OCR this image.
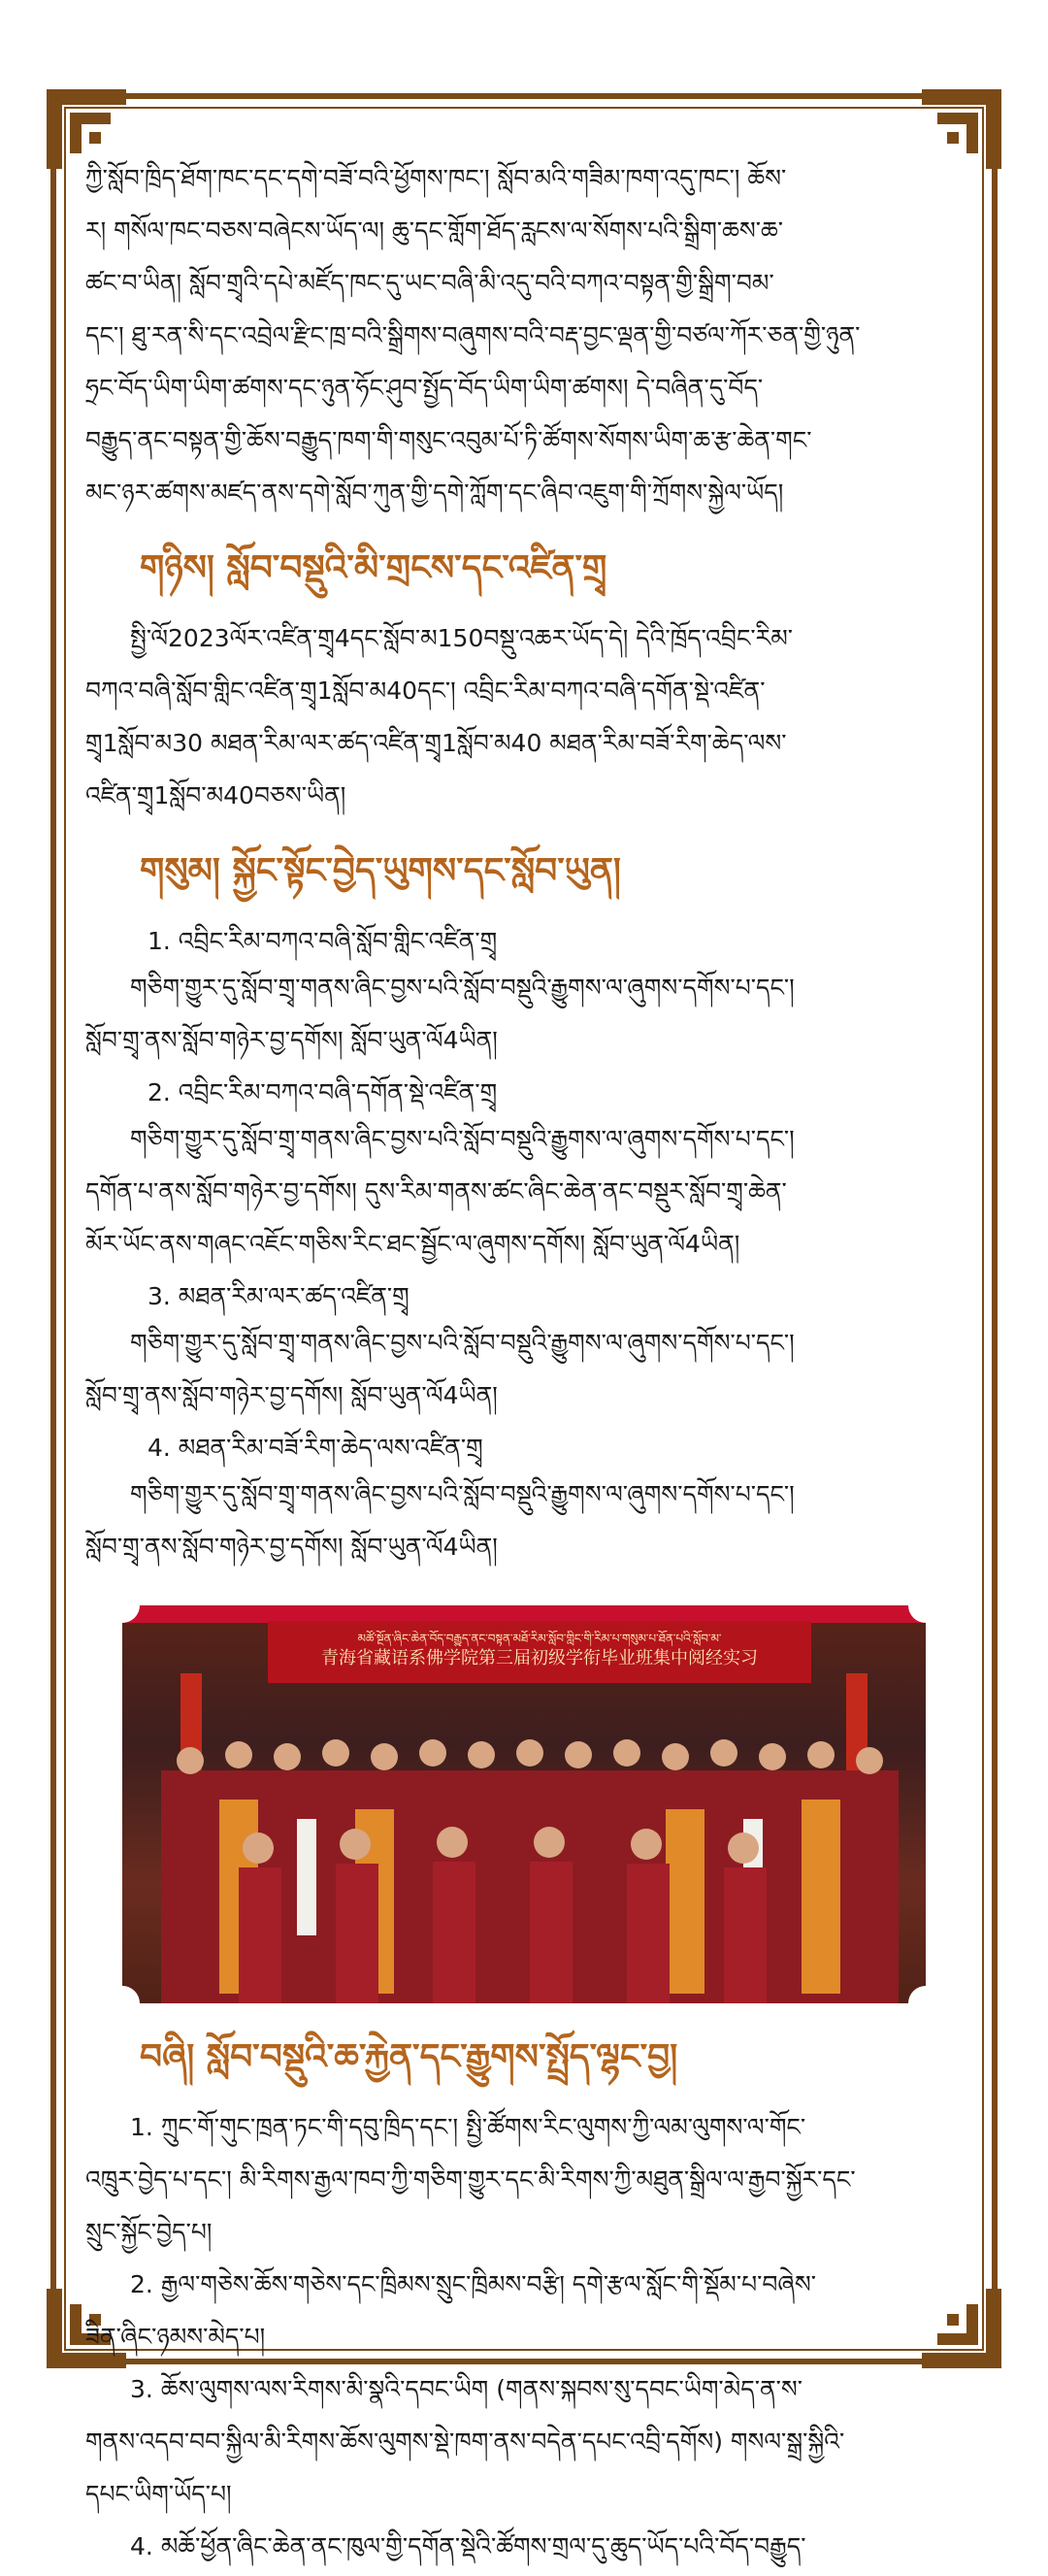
ཀྱི་སློབ་ཁྲིད་ཐོག་ཁང་དང་དགེ་བཟོ་བའི་ཕྱོགས་ཁང་། སློབ་མའི་གཟིམ་ཁག་འདུ་ཁང་། ཆོས་

ར། གསོལ་ཁང་བཅས་བཞེངས་ཡོད་ལ། ཆུ་དང་གློག་ཐོད་རླངས་ལ་སོགས་པའི་སྒྲིག་ཆས་ཆ་

ཚང་བ་ཡིན། སློབ་གྲྭའི་དཔེ་མཛོད་ཁང་དུ་ཡང་བཞི་མི་འདུ་བའི་བཀའ་བསྟན་གྱི་སྒྲིག་བམ་

དང་། ཐུ་རན་སི་དང་འབྲེལ་རྫིང་ཁྲ་བའི་སྒྲིགས་བཞུགས་བའི་བརྡ་བྱང་ལྡན་གྱི་བཙལ་ཀོར་ཅན་གྱི་ཉུན་

ཧྲང་བོད་ཡིག་ཡིག་ཚགས་དང་ཉུན་ཧོང་ཤུབ་སྤྱོད་བོད་ཡིག་ཡིག་ཚགས། དེ་བཞིན་དུ་བོད་

བརྒྱུད་ནང་བསྟན་གྱི་ཆོས་བརྒྱུད་ཁག་གི་གསུང་འབུམ་པོ་ཏི་ཚོགས་སོགས་ཡིག་ཆ་རྩ་ཆེན་གང་

མང་ཉར་ཚགས་མཛད་ནས་དགེ་སློབ་ཀུན་གྱི་དགེ་ཀློག་དང་ཞིབ་འཇུག་གི་ཀྲོགས་སྐྱེལ་ཡོད།

གཉིས། སློབ་བསྡུའི་མི་གྲངས་དང་འཛིན་གྲྭ

སྤྱི་ལོ2023ལོར་འཛིན་གྲྭ4དང་སློབ་མ150བསྡུ་འཆར་ཡོད་དེ། དེའི་ཁྲོད་འབྲིང་རིམ་

བཀའ་བཞི་སློབ་གླིང་འཛིན་གྲྭ1སློབ་མ40དང་། འབྲིང་རིམ་བཀའ་བཞི་དགོན་སྡེ་འཛིན་

གྲྭ1སློབ་མ30 མཐན་རིམ་ལར་ཚད་འཛིན་གྲྭ1སློབ་མ40 མཐན་རིམ་བཟོ་རིག་ཆེད་ལས་

འཛིན་གྲྭ1སློབ་མ40བཅས་ཡིན།

གསུམ། སྐྱོང་སྟོང་བྱེད་ཡུགས་དང་སློབ་ཡུན།

1. འབྲིང་རིམ་བཀའ་བཞི་སློབ་གླིང་འཛིན་གྲྭ

གཅིག་གྱུར་དུ་སློབ་གྲྭ་གནས་ཞིང་བྱས་པའི་སློབ་བསྡུའི་རྒྱུགས་ལ་ཞུགས་དགོས་པ་དང་།

སློབ་གྲྭ་ནས་སློབ་གཉེར་བྱ་དགོས། སློབ་ཡུན་ལོ4ཡིན།

2. འབྲིང་རིམ་བཀའ་བཞི་དགོན་སྡེ་འཛིན་གྲྭ

གཅིག་གྱུར་དུ་སློབ་གྲྭ་གནས་ཞིང་བྱས་པའི་སློབ་བསྡུའི་རྒྱུགས་ལ་ཞུགས་དགོས་པ་དང་།

དགོན་པ་ནས་སློབ་གཉེར་བྱ་དགོས། དུས་རིམ་གནས་ཚང་ཞིང་ཆེན་ནང་བསྡུར་སློབ་གྲྭ་ཆེན་

མོར་ཡོང་ནས་གཞང་འཇོང་གཅིས་རིང་ཐང་སྦྱོང་ལ་ཞུགས་དགོས། སློབ་ཡུན་ལོ4ཡིན།

3. མཐན་རིམ་ལར་ཚད་འཛིན་གྲྭ

གཅིག་གྱུར་དུ་སློབ་གྲྭ་གནས་ཞིང་བྱས་པའི་སློབ་བསྡུའི་རྒྱུགས་ལ་ཞུགས་དགོས་པ་དང་།

སློབ་གྲྭ་ནས་སློབ་གཉེར་བྱ་དགོས། སློབ་ཡུན་ལོ4ཡིན།

4. མཐན་རིམ་བཟོ་རིག་ཆེད་ལས་འཛིན་གྲྭ

གཅིག་གྱུར་དུ་སློབ་གྲྭ་གནས་ཞིང་བྱས་པའི་སློབ་བསྡུའི་རྒྱུགས་ལ་ཞུགས་དགོས་པ་དང་།

སློབ་གྲྭ་ནས་སློབ་གཉེར་བྱ་དགོས། སློབ་ཡུན་ལོ4ཡིན།

མཚོ་སྔོན་ཞིང་ཆེན་བོད་བརྒྱུད་ནང་བསྟན་མཐོ་རིམ་སློབ་གླིང་གི་རིམ་པ་གསུམ་པ་ཐོན་པའི་སློབ་མ་
青海省藏语系佛学院第三届初级学衔毕业班集中阅经实习
བཞི། སློབ་བསྡུའི་ཆ་རྐྱེན་དང་རྒྱུགས་སྤྲོད་ལྷང་བྱ།

1. ཀྲུང་གོ་གུང་ཁྲན་ཏང་གི་དབུ་ཁྲིད་དང་། སྤྱི་ཚོགས་རིང་ལུགས་ཀྱི་ལམ་ལུགས་ལ་གོང་

འཁྲུར་བྱེད་པ་དང་། མི་རིགས་རྒྱལ་ཁབ་ཀྱི་གཅིག་གྱུར་དང་མི་རིགས་ཀྱི་མཐུན་སྒྲིལ་ལ་རྒྱབ་སྐྱོར་དང་

སྲུང་སྐྱོང་བྱེད་པ།

2. རྒྱལ་གཅེས་ཆོས་གཅེས་དང་ཁྲིམས་སྲུང་ཁྲིམས་བརྩི། དགེ་རྩལ་སློང་གི་སྡོམ་པ་བཞེས་

ཟིན་ཞིང་ཉམས་མེད་པ།

3. ཆོས་ལུགས་ལས་རིགས་མི་སྣའི་དབང་ཡིག (གནས་སྐབས་སུ་དབང་ཡིག་མེད་ན་ས་

གནས་འདབ་བབ་སྐྱིལ་མི་རིགས་ཆོས་ལུགས་སྡེ་ཁག་ནས་བདེན་དཔང་འབྲི་དགོས) གསལ་སྒྲ་སྐྱིའི་

དཔང་ཡིག་ཡོད་པ།

4. མཆོ་ཕྱོན་ཞིང་ཆེན་ནང་ཁུལ་གྱི་དགོན་སྡེའི་ཚོགས་གྲལ་དུ་ཆུད་ཡོད་པའི་བོད་བརྒྱུད་
